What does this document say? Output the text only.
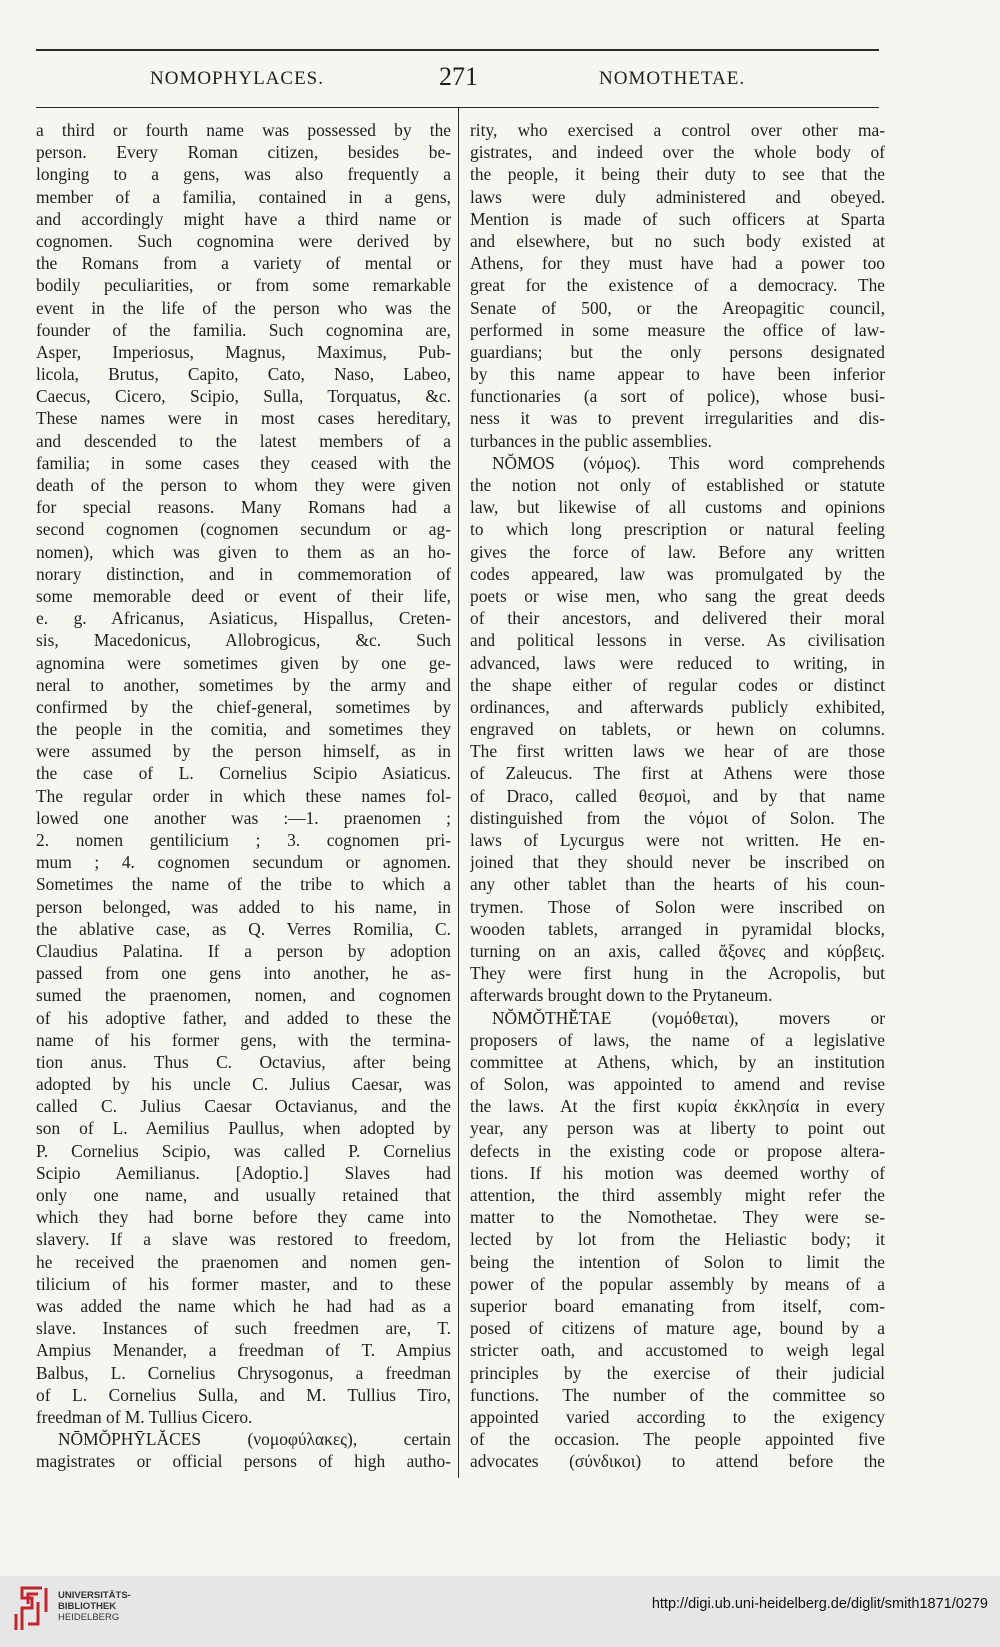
NOMOPHYLACES.	271	NOMOTHETAE.

a third or fourth name was possessed by the

person. Every Roman citizen, besides be-

longing to a gens, was also frequently a

member of a familia, contained in a gens,

and accordingly might have a third name or

cognomen. Such cognomina were derived by

the Romans from a variety of mental or

bodily peculiarities, or from some remarkable

event in the life of the person who was the

founder of the familia. Such cognomina are,

Asper, Imperiosus, Magnus, Maximus, Pub-

licola, Brutus, Capito, Cato, Naso, Labeo,

Caecus, Cicero, Scipio, Sulla, Torquatus, &c.

These names were in most cases hereditary,

and descended to the latest members of a

familia; in some cases they ceased with the

death of the person to whom they were given

for special reasons. Many Romans had a

second cognomen (cognomen secundum or ag-

nomen), which was given to them as an ho-

norary distinction, and in commemoration of

some memorable deed or event of their life,

e. g. Africanus, Asiaticus, Hispallus, Creten-

sis, Macedonicus, Allobrogicus, &c. Such

agnomina were sometimes given by one ge-

neral to another, sometimes by the army and

confirmed by the chief-general, sometimes by

the people in the comitia, and sometimes they

were assumed by the person himself, as in

the case of L. Cornelius Scipio Asiaticus.

The regular order in which these names fol-

lowed one another was :—1. praenomen ;

2. nomen gentilicium ; 3. cognomen pri-

mum ; 4. cognomen secundum or agnomen.

Sometimes the name of the tribe to which a

person belonged, was added to his name, in

the ablative case, as Q. Verres Romilia, C.

Claudius Palatina. If a person by adoption

passed from one gens into another, he as-

sumed the praenomen, nomen, and cognomen

of his adoptive father, and added to these the

name of his former gens, with the termina-

tion anus. Thus C. Octavius, after being

adopted by his uncle C. Julius Caesar, was

called C. Julius Caesar Octavianus, and the

son of L. Aemilius Paullus, when adopted by

P. Cornelius Scipio, was called P. Cornelius

Scipio Aemilianus. [Adoptio.] Slaves had

only one name, and usually retained that

which they had borne before they came into

slavery. If a slave was restored to freedom,

he received the praenomen and nomen gen-

tilicium of his former master, and to these

was added the name which he had had as a

slave. Instances of such freedmen are, T.

Ampius Menander, a freedman of T. Ampius

Balbus, L. Cornelius Chrysogonus, a freedman

of L. Cornelius Sulla, and M. Tullius Tiro,

freedman of M. Tullius Cicero.

NŌMŎPHȲLĂCES (νομοφύλακες), certain

magistrates or official persons of high autho-

rity, who exercised a control over other ma-

gistrates, and indeed over the whole body of

the people, it being their duty to see that the

laws were duly administered and obeyed.

Mention is made of such officers at Sparta

and elsewhere, but no such body existed at

Athens, for they must have had a power too

great for the existence of a democracy. The

Senate of 500, or the Areopagitic council,

performed in some measure the office of law-

guardians; but the only persons designated

by this name appear to have been inferior

functionaries (a sort of police), whose busi-

ness it was to prevent irregularities and dis-

turbances in the public assemblies.

NŎMOS (νόμος). This word comprehends

the notion not only of established or statute

law, but likewise of all customs and opinions

to which long prescription or natural feeling

gives the force of law. Before any written

codes appeared, law was promulgated by the

poets or wise men, who sang the great deeds

of their ancestors, and delivered their moral

and political lessons in verse. As civilisation

advanced, laws were reduced to writing, in

the shape either of regular codes or distinct

ordinances, and afterwards publicly exhibited,

engraved on tablets, or hewn on columns.

The first written laws we hear of are those

of Zaleucus. The first at Athens were those

of Draco, called θεσμοὶ, and by that name

distinguished from the νόμοι of Solon. The

laws of Lycurgus were not written. He en-

joined that they should never be inscribed on

any other tablet than the hearts of his coun-

trymen. Those of Solon were inscribed on

wooden tablets, arranged in pyramidal blocks,

turning on an axis, called ἄξονες and κύρβεις.

They were first hung in the Acropolis, but

afterwards brought down to the Prytaneum.

NŎMŎTHĔTAE (νομόθεται), movers or

proposers of laws, the name of a legislative

committee at Athens, which, by an institution

of Solon, was appointed to amend and revise

the laws. At the first κυρία ἐκκλησία in every

year, any person was at liberty to point out

defects in the existing code or propose altera-

tions. If his motion was deemed worthy of

attention, the third assembly might refer the

matter to the Nomothetae. They were se-

lected by lot from the Heliastic body; it

being the intention of Solon to limit the

power of the popular assembly by means of a

superior board emanating from itself, com-

posed of citizens of mature age, bound by a

stricter oath, and accustomed to weigh legal

principles by the exercise of their judicial

functions. The number of the committee so

appointed varied according to the exigency

of the occasion. The people appointed five

advocates (σύνδικοι) to attend before the

UNIVERSITÄTS-
BIBLIOTHEK
HEIDELBERG
http://digi.ub.uni-heidelberg.de/diglit/smith1871/0279
